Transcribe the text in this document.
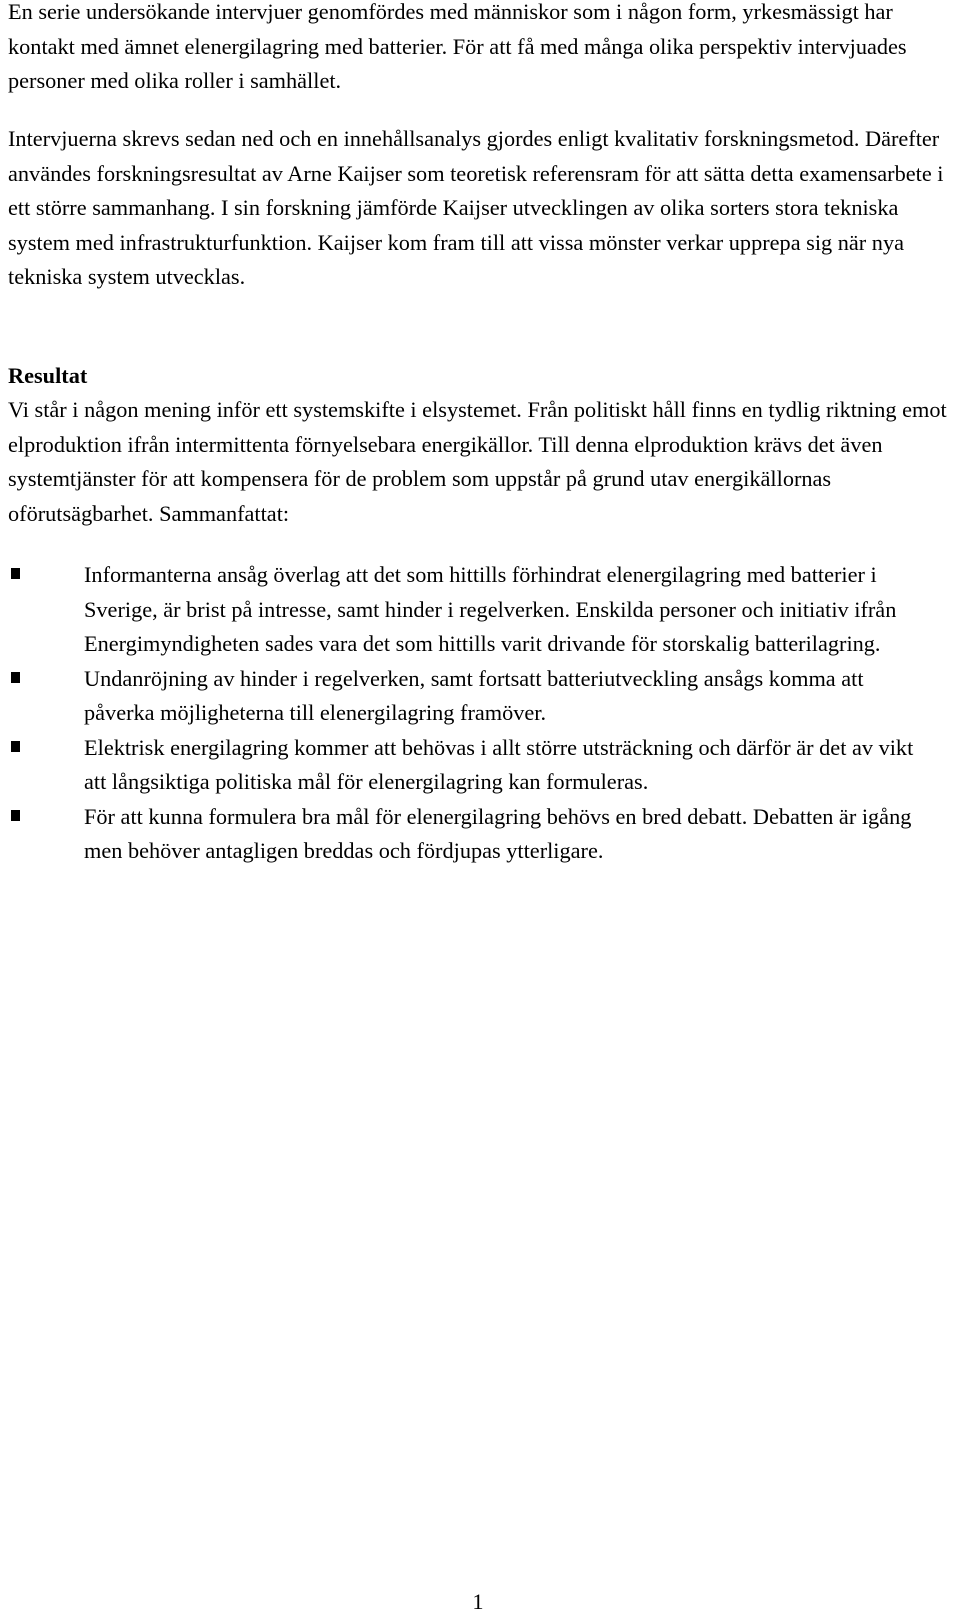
En serie undersökande intervjuer genomfördes med människor som i någon form, yrkesmässigt har kontakt med ämnet elenergilagring med batterier. För att få med många olika perspektiv intervjuades personer med olika roller i samhället.

Intervjuerna skrevs sedan ned och en innehållsanalys gjordes enligt kvalitativ forskningsmetod. Därefter användes forskningsresultat av Arne Kaijser som teoretisk referensram för att sätta detta examensarbete i ett större sammanhang. I sin forskning jämförde Kaijser utvecklingen av olika sorters stora tekniska system med infrastrukturfunktion. Kaijser kom fram till att vissa mönster verkar upprepa sig när nya tekniska system utvecklas.

Resultat

Vi står i någon mening inför ett systemskifte i elsystemet. Från politiskt håll finns en tydlig riktning emot elproduktion ifrån intermittenta förnyelsebara energikällor. Till denna elproduktion krävs det även systemtjänster för att kompensera för de problem som uppstår på grund utav energikällornas oförutsägbarhet. Sammanfattat:

Informanterna ansåg överlag att det som hittills förhindrat elenergilagring med batterier i Sverige, är brist på intresse, samt hinder i regelverken. Enskilda personer och initiativ ifrån Energimyndigheten sades vara det som hittills varit drivande för storskalig batterilagring.
Undanröjning av hinder i regelverken, samt fortsatt batteriutveckling ansågs komma att påverka möjligheterna till elenergilagring framöver.
Elektrisk energilagring kommer att behövas i allt större utsträckning och därför är det av vikt att långsiktiga politiska mål för elenergilagring kan formuleras.
För att kunna formulera bra mål för elenergilagring behövs en bred debatt. Debatten är igång men behöver antagligen breddas och fördjupas ytterligare.
1
